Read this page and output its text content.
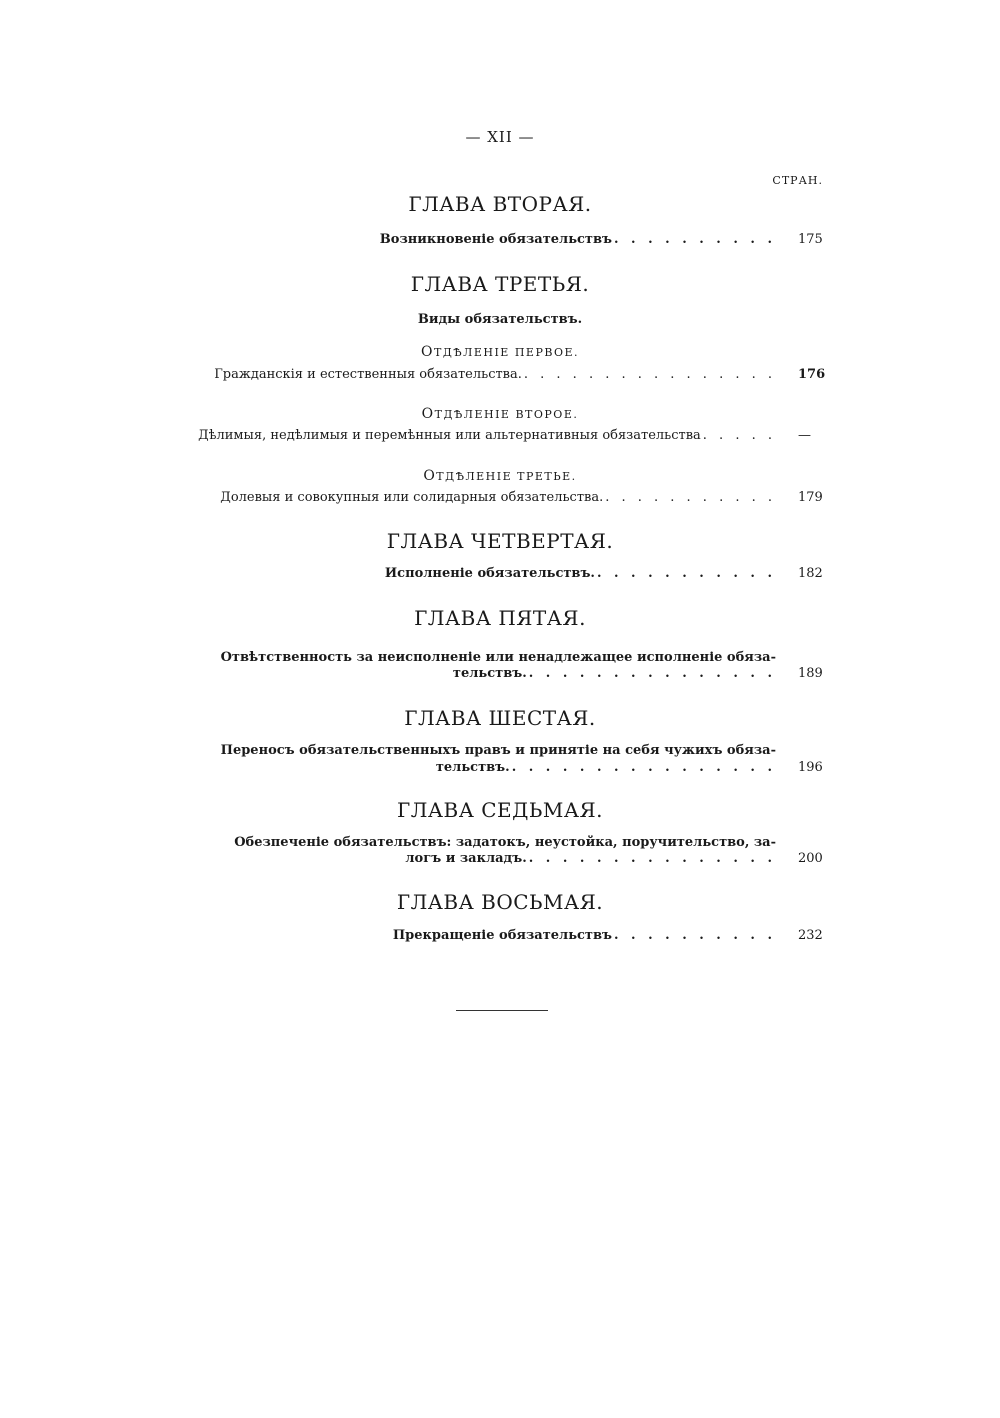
— XII —
СТРАН.
ГЛАВА ВТОРАЯ.
Возникновеніе обязательствъ . . . . . . . . . . 175
ГЛАВА ТРЕТЬЯ.
Виды обязательствъ.
ОТДѢЛЕНІЕ ПЕРВОЕ.
Гражданскія и естественныя обязательства. . . . . . . . . . . . . . . . . 176
ОТДѢЛЕНІЕ ВТОРОЕ.
Дѣлимыя, недѣлимыя и перемѣнныя или альтернативныя обязательства . . . . . —
ОТДѢЛЕНІЕ ТРЕТЬЕ.
Долевыя и совокупныя или солидарныя обязательства. . . . . . . . . . . . 179
ГЛАВА ЧЕТВЕРТАЯ.
Исполненіе обязательствъ. . . . . . . . . . . . 182
ГЛАВА ПЯТАЯ.
Отвѣтственность за неисполненіе или ненадлежащее исполненіе обяза-
тельствъ. . . . . . . . . . . . . . . . 189
ГЛАВА ШЕСТАЯ.
Переносъ обязательственныхъ правъ и принятіе на себя чужихъ обяза-
тельствъ. . . . . . . . . . . . . . . . . 196
ГЛАВА СЕДЬМАЯ.
Обезпеченіе обязательствъ: задатокъ, неустойка, поручительство, за-
логъ и закладъ. . . . . . . . . . . . . . . . 200
ГЛАВА ВОСЬМАЯ.
Прекращеніе обязательствъ . . . . . . . . . . 232
